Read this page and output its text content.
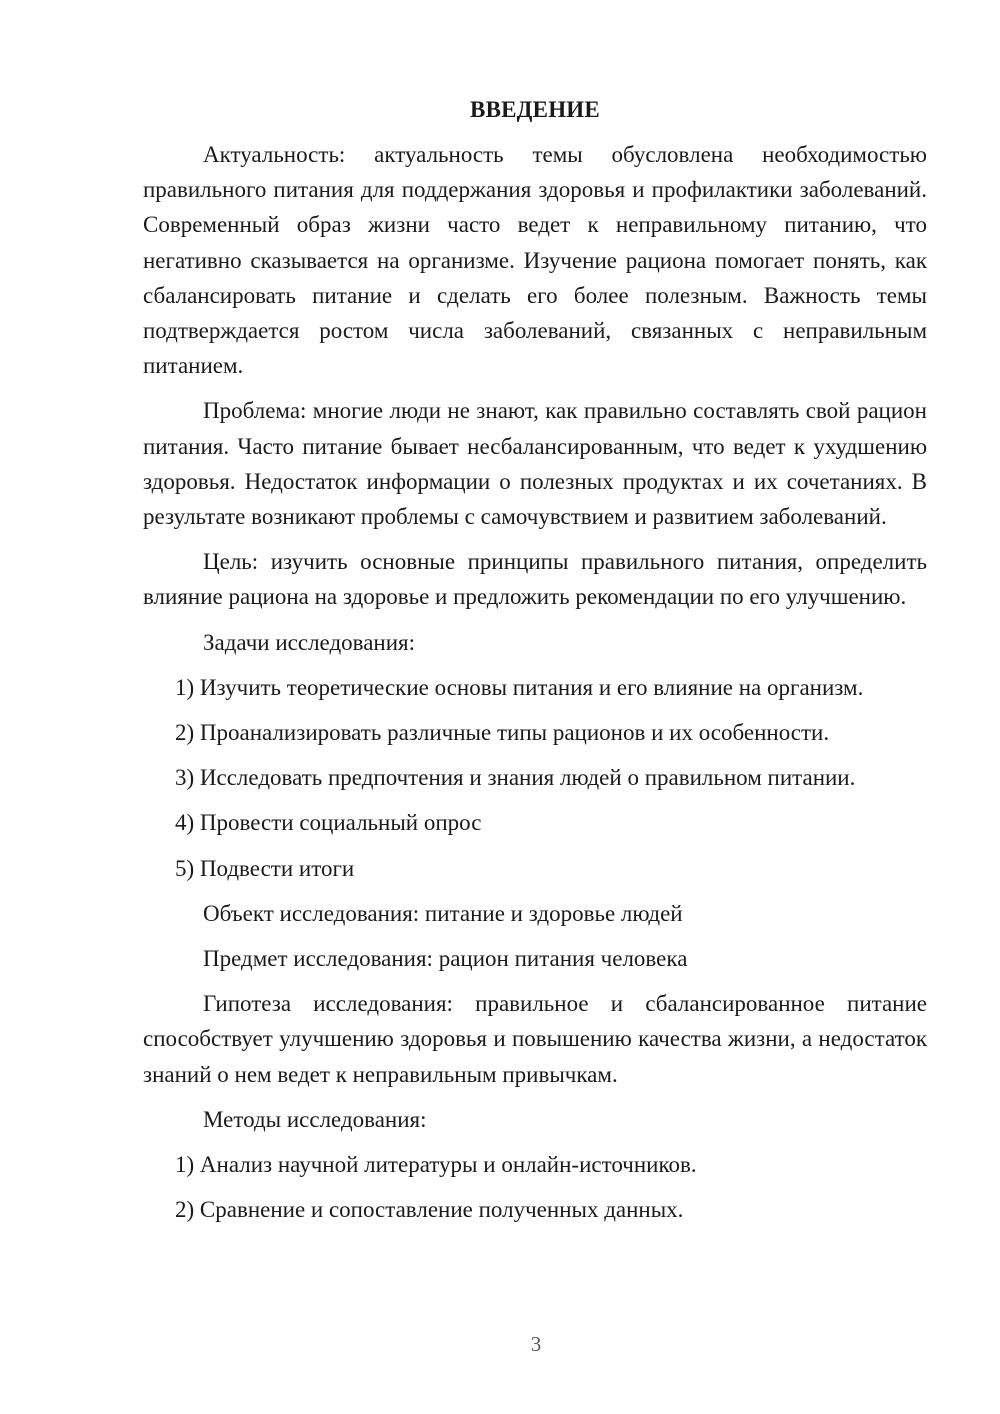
ВВЕДЕНИЕ

Актуальность: актуальность темы обусловлена необходимостью правильного питания для поддержания здоровья и профилактики заболеваний. Современный образ жизни часто ведет к неправильному питанию, что негативно сказывается на организме. Изучение рациона помогает понять, как сбалансировать питание и сделать его более полезным. Важность темы подтверждается ростом числа заболеваний, связанных с неправильным питанием.

Проблема: многие люди не знают, как правильно составлять свой рацион питания. Часто питание бывает несбалансированным, что ведет к ухудшению здоровья. Недостаток информации о полезных продуктах и их сочетаниях. В результате возникают проблемы с самочувствием и развитием заболеваний.

Цель: изучить основные принципы правильного питания, определить влияние рациона на здоровье и предложить рекомендации по его улучшению.

Задачи исследования:

1) Изучить теоретические основы питания и его влияние на организм.
2) Проанализировать различные типы рационов и их особенности.
3) Исследовать предпочтения и знания людей о правильном питании.
4) Провести социальный опрос
5) Подвести итоги

Объект исследования: питание и здоровье людей

Предмет исследования: рацион питания человека

Гипотеза исследования: правильное и сбалансированное питание способствует улучшению здоровья и повышению качества жизни, а недостаток знаний о нем ведет к неправильным привычкам.

Методы исследования:

1) Анализ научной литературы и онлайн-источников.
2) Сравнение и сопоставление полученных данных.
3
